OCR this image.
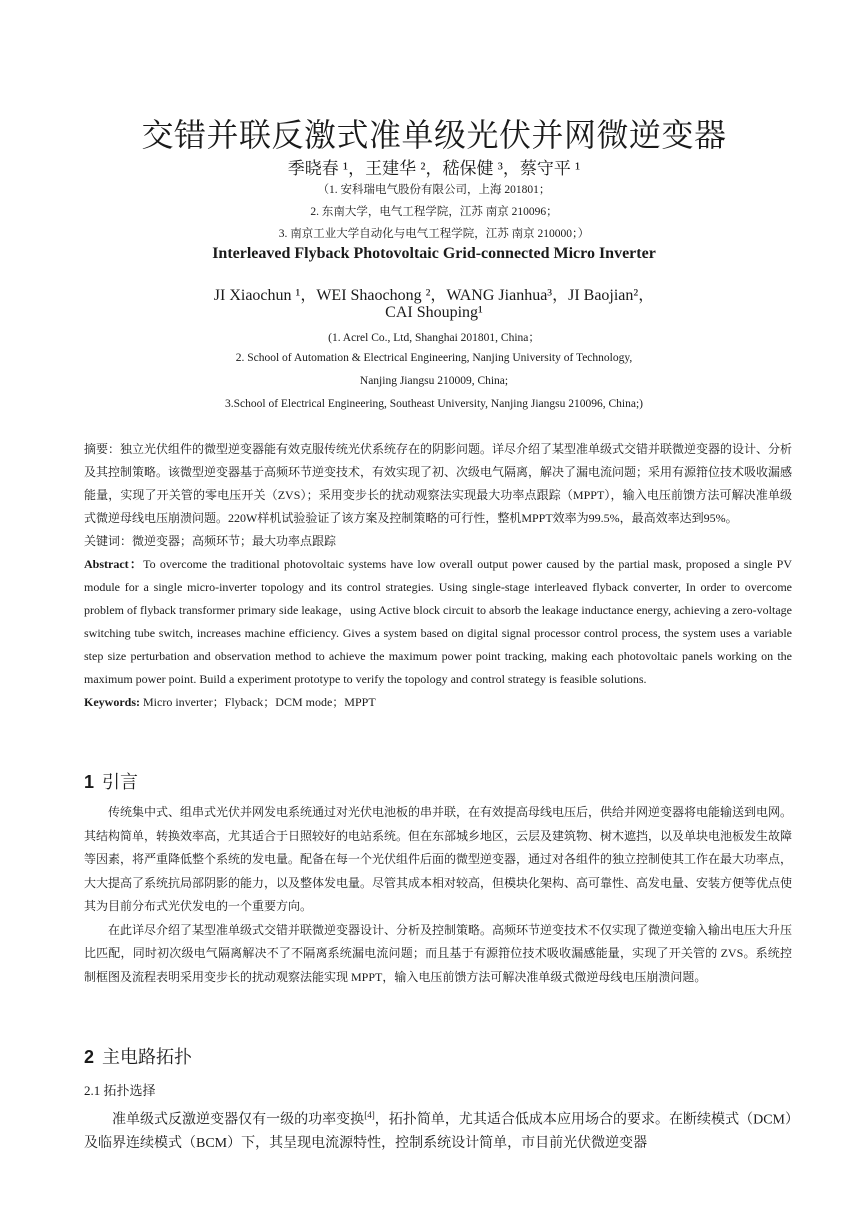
交错并联反激式准单级光伏并网微逆变器
季晓春 ¹，王建华 ²，嵇保健 ³，蔡守平 ¹
（1. 安科瑞电气股份有限公司，上海 201801；
2. 东南大学，电气工程学院，江苏 南京 210096；
3. 南京工业大学自动化与电气工程学院，江苏 南京 210000；）
Interleaved Flyback Photovoltaic Grid-connected Micro Inverter
JI Xiaochun ¹，WEI Shaochong ²，WANG Jianhua³，JI Baojian²，
CAI Shouping¹
(1. Acrel Co., Ltd, Shanghai 201801, China；
2. School of Automation & Electrical Engineering, Nanjing University of Technology,
Nanjing Jiangsu 210009, China;
3.School of Electrical Engineering, Southeast University, Nanjing Jiangsu 210096, China;)

摘要：独立光伏组件的微型逆变器能有效克服传统光伏系统存在的阴影问题。详尽介绍了某型准单级式交错并联微逆变器的设计、分析及其控制策略。该微型逆变器基于高频环节逆变技术，有效实现了初、次级电气隔离，解决了漏电流问题；采用有源箝位技术吸收漏感能量，实现了开关管的零电压开关（ZVS）；采用变步长的扰动观察法实现最大功率点跟踪（MPPT），输入电压前馈方法可解决准单级式微逆母线电压崩溃问题。220W样机试验验证了该方案及控制策略的可行性，整机MPPT效率为99.5%，最高效率达到95%。

关键词：微逆变器；高频环节；最大功率点跟踪

Abstract：To overcome the traditional photovoltaic systems have low overall output power caused by the partial mask, proposed a single PV module for a single micro-inverter topology and its control strategies. Using single-stage interleaved flyback converter, In order to overcome problem of flyback transformer primary side leakage，using Active block circuit to absorb the leakage inductance energy, achieving a zero-voltage switching tube switch, increases machine efficiency. Gives a system based on digital signal processor control process, the system uses a variable step size perturbation and observation method to achieve the maximum power point tracking, making each photovoltaic panels working on the maximum power point. Build a experiment prototype to verify the topology and control strategy is feasible solutions.

Keywords: Micro inverter；Flyback；DCM mode；MPPT

1 引言

传统集中式、组串式光伏并网发电系统通过对光伏电池板的串并联，在有效提高母线电压后，供给并网逆变器将电能输送到电网。其结构简单，转换效率高，尤其适合于日照较好的电站系统。但在东部城乡地区，云层及建筑物、树木遮挡，以及单块电池板发生故障等因素，将严重降低整个系统的发电量。配备在每一个光伏组件后面的微型逆变器，通过对各组件的独立控制使其工作在最大功率点，大大提高了系统抗局部阴影的能力，以及整体发电量。尽管其成本相对较高，但模块化架构、高可靠性、高发电量、安装方便等优点使其为目前分布式光伏发电的一个重要方向。

在此详尽介绍了某型准单级式交错并联微逆变器设计、分析及控制策略。高频环节逆变技术不仅实现了微逆变输入输出电压大升压比匹配，同时初次级电气隔离解决不了不隔离系统漏电流问题；而且基于有源箝位技术吸收漏感能量，实现了开关管的 ZVS。系统控制框图及流程表明采用变步长的扰动观察法能实现 MPPT，输入电压前馈方法可解决准单级式微逆母线电压崩溃问题。

2 主电路拓扑
2.1 拓扑选择

准单级式反激逆变器仅有一级的功率变换[4]，拓扑简单，尤其适合低成本应用场合的要求。在断续模式（DCM）及临界连续模式（BCM）下，其呈现电流源特性，控制系统设计简单，市目前光伏微逆变器
